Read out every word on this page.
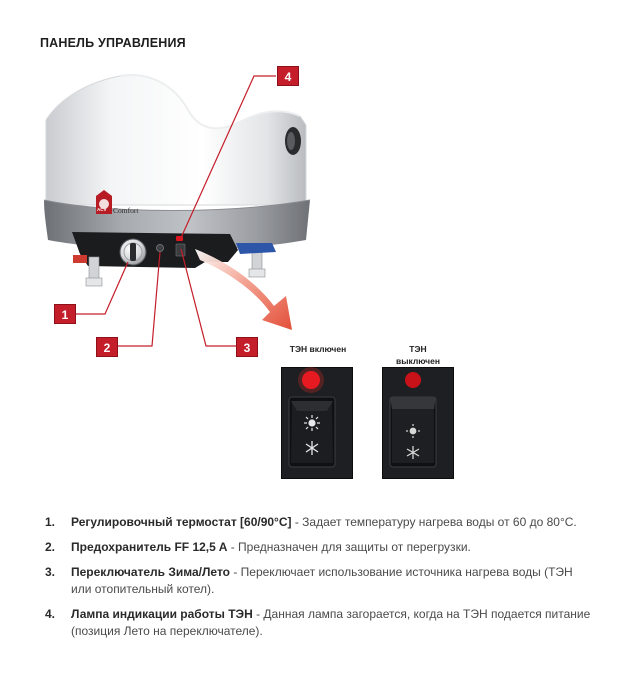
ПАНЕЛЬ УПРАВЛЕНИЯ
1
2	3
4
ТЭН включен	ТЭН
выключен
1. Регулировочный термостат [60/90°C] - Задает температуру нагрева воды от 60 до 80°C.
2. Предохранитель FF 12,5 A - Предназначен для защиты от перегрузки.
3. Переключатель Зима/Лето - Переключает использование источника нагрева воды (ТЭН или отопительный котел).
4. Лампа индикации работы ТЭН - Данная лампа загорается, когда на ТЭН подается питание (позиция Лето на переключателе).
Comfort
ACV
